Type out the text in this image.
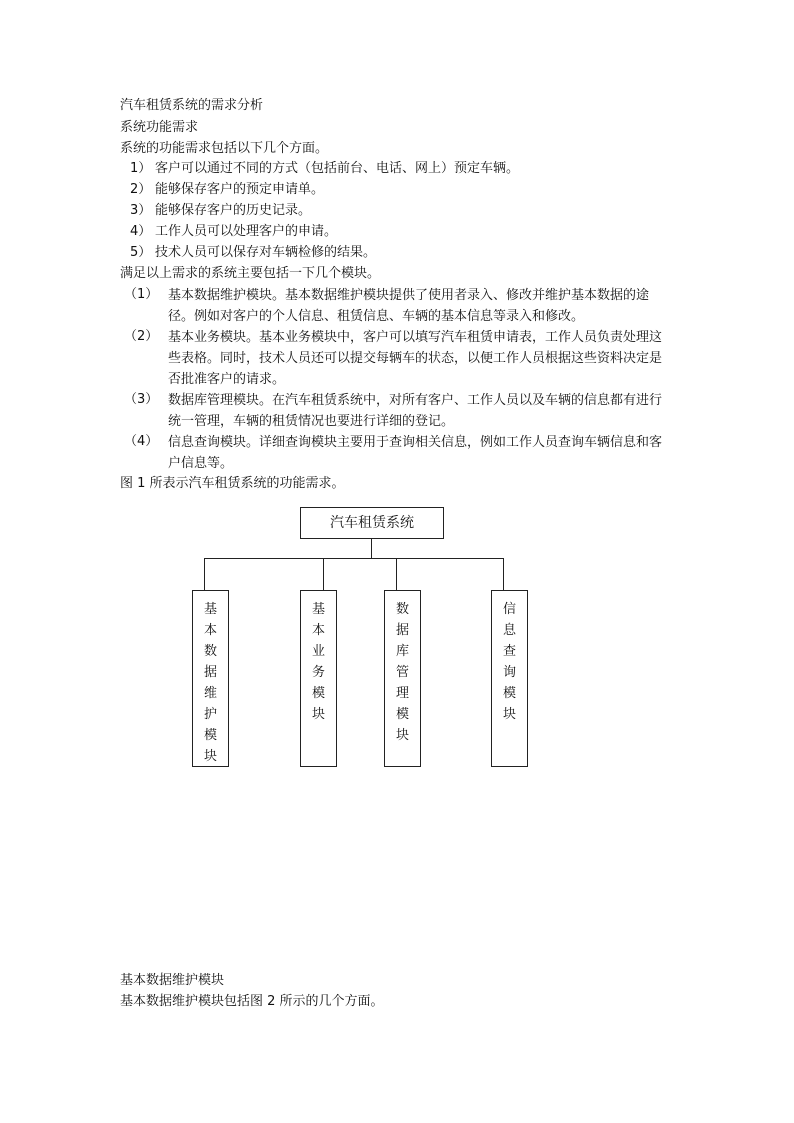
汽车租赁系统的需求分析
系统功能需求
系统的功能需求包括以下几个方面。
1） 客户可以通过不同的方式（包括前台、电话、网上）预定车辆。
2） 能够保存客户的预定申请单。
3） 能够保存客户的历史记录。
4） 工作人员可以处理客户的申请。
5） 技术人员可以保存对车辆检修的结果。
满足以上需求的系统主要包括一下几个模块。
（1） 基本数据维护模块。基本数据维护模块提供了使用者录入、修改并维护基本数据的途径。例如对客户的个人信息、租赁信息、车辆的基本信息等录入和修改。
（2） 基本业务模块。基本业务模块中，客户可以填写汽车租赁申请表，工作人员负责处理这些表格。同时，技术人员还可以提交每辆车的状态，以便工作人员根据这些资料决定是否批准客户的请求。
（3） 数据库管理模块。在汽车租赁系统中，对所有客户、工作人员以及车辆的信息都有进行统一管理，车辆的租赁情况也要进行详细的登记。
（4） 信息查询模块。详细查询模块主要用于查询相关信息，例如工作人员查询车辆信息和客户信息等。
图 1 所表示汽车租赁系统的功能需求。
汽车租赁系统
基本数据维护模块
基本业务模块
数据库管理模块
信息查询模块
基本数据维护模块
基本数据维护模块包括图 2 所示的几个方面。
